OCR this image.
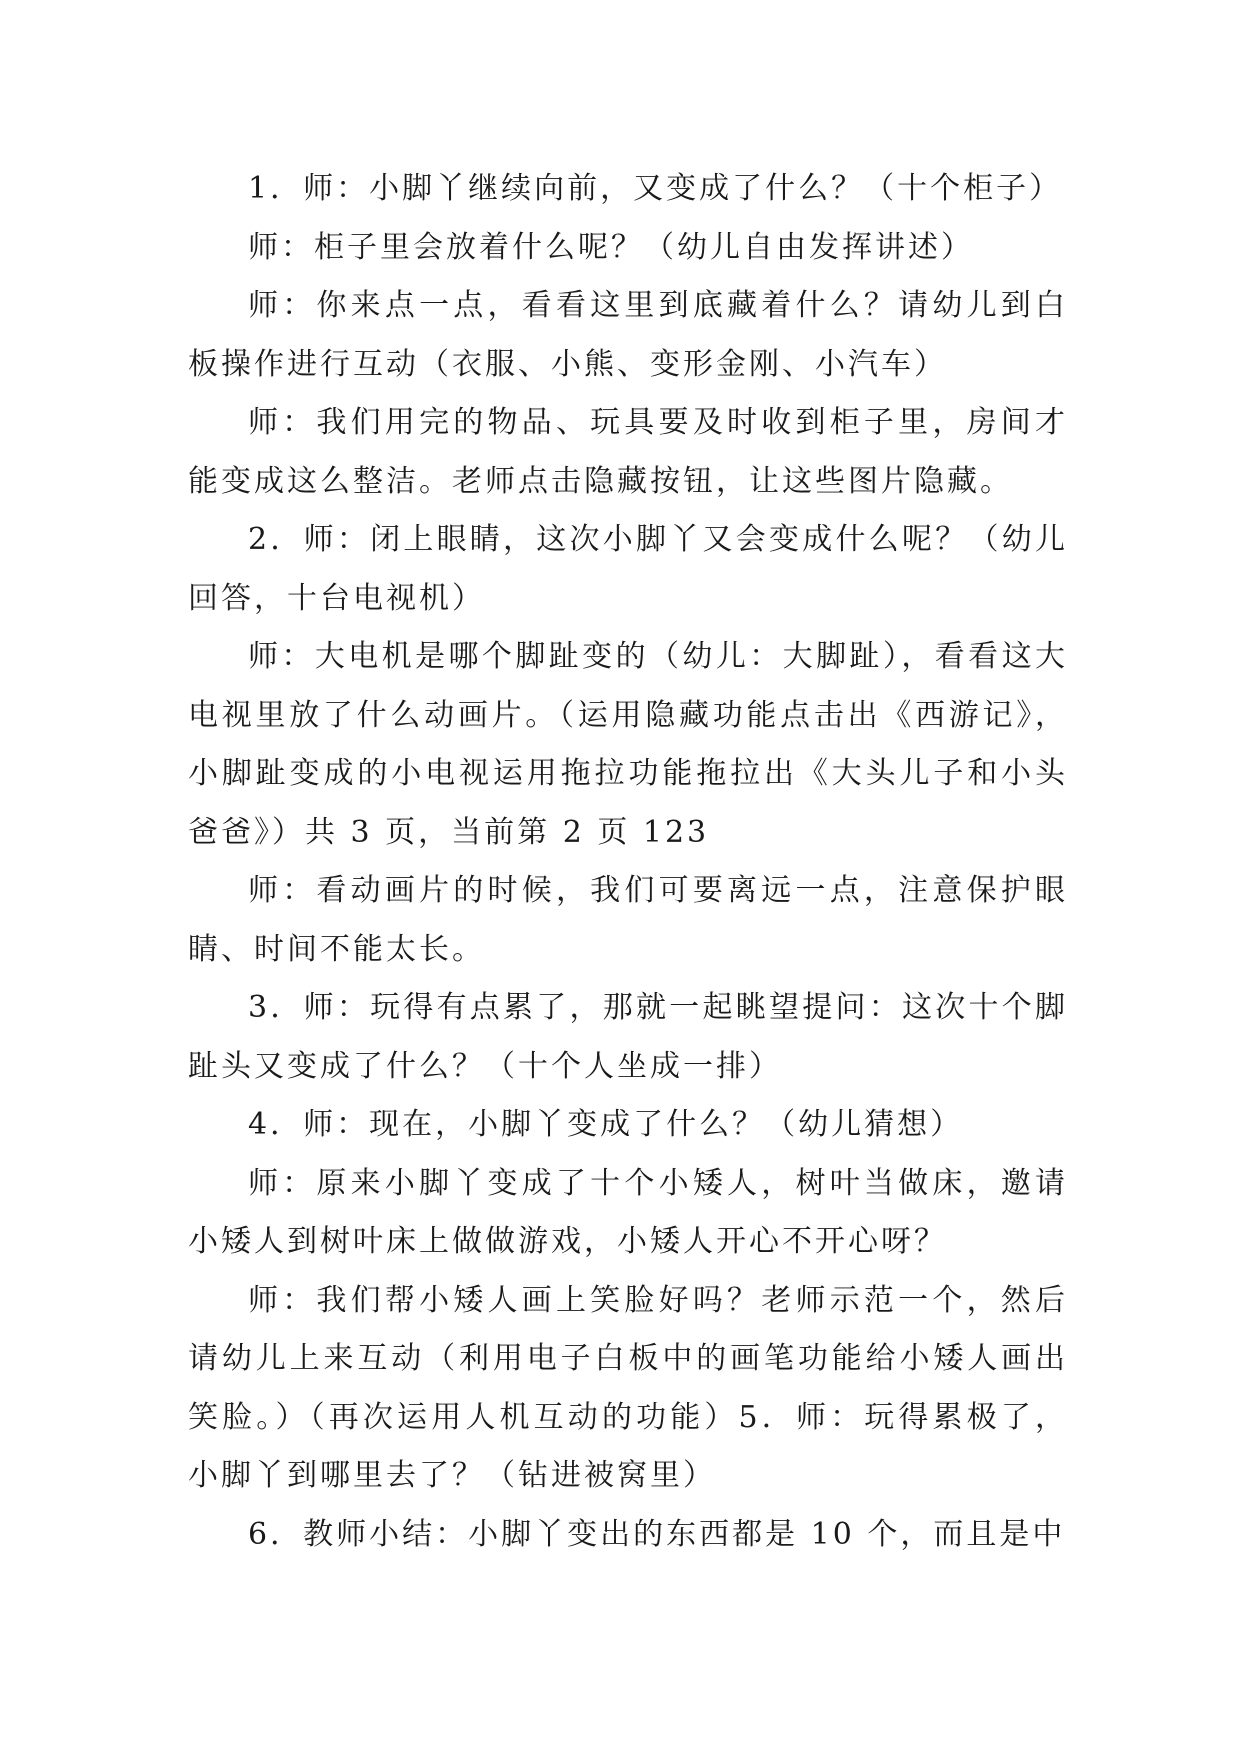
1．师：小脚丫继续向前，又变成了什么？（十个柜子）

师：柜子里会放着什么呢？（幼儿自由发挥讲述）

师：你来点一点，看看这里到底藏着什么？请幼儿到白板操作进行互动（衣服、小熊、变形金刚、小汽车）

师：我们用完的物品、玩具要及时收到柜子里，房间才能变成这么整洁。老师点击隐藏按钮，让这些图片隐藏。

2．师：闭上眼睛，这次小脚丫又会变成什么呢？（幼儿回答，十台电视机）

师：大电机是哪个脚趾变的（幼儿：大脚趾），看看这大电视里放了什么动画片。（运用隐藏功能点击出《西游记》，小脚趾变成的小电视运用拖拉功能拖拉出《大头儿子和小头爸爸》）共 3 页，当前第 2 页 123

师：看动画片的时候，我们可要离远一点，注意保护眼睛、时间不能太长。

3．师：玩得有点累了，那就一起眺望提问：这次十个脚趾头又变成了什么？（十个人坐成一排）

4．师：现在，小脚丫变成了什么？（幼儿猜想）

师：原来小脚丫变成了十个小矮人，树叶当做床，邀请小矮人到树叶床上做做游戏，小矮人开心不开心呀？

师：我们帮小矮人画上笑脸好吗？老师示范一个，然后请幼儿上来互动（利用电子白板中的画笔功能给小矮人画出笑脸。）（再次运用人机互动的功能）5．师：玩得累极了，小脚丫到哪里去了？（钻进被窝里）

6．教师小结：小脚丫变出的东西都是 10 个，而且是中
